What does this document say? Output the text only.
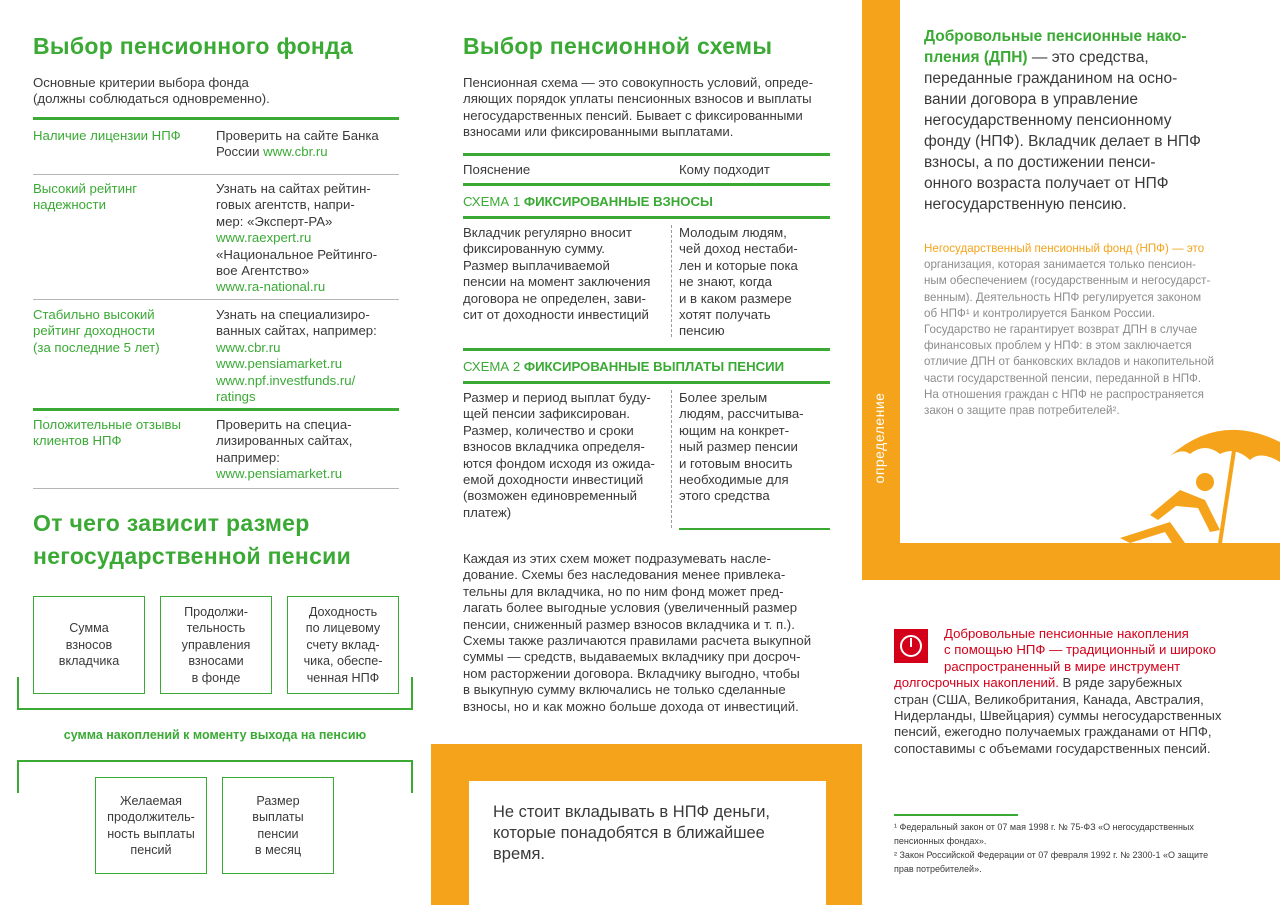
Выбор пенсионного фонда
Основные критерии выбора фонда
(должны соблюдаться одновременно).
Наличие лицензии НПФ	Проверить на сайте Банка
России www.cbr.ru
Высокий рейтинг
надежности
Узнать на сайтах рейтин-
говых агентств, напри-
мер: «Эксперт-РА»
www.raexpert.ru
«Национальное Рейтинго-
вое Агентство»
www.ra-national.ru
Стабильно высокий
рейтинг доходности
(за последние 5 лет)
Узнать на специализиро-
ванных сайтах, например:
www.cbr.ru
www.pensiamarket.ru
www.npf.investfunds.ru/
ratings
Положительные отзывы
клиентов НПФ
Проверить на специа-
лизированных сайтах,
например:
www.pensiamarket.ru
От чего зависит размер
негосударственной пенсии
Сумма
взносов
вкладчика
Продолжи-
тельность
управления
взносами
в фонде
Доходность
по лицевому
счету вклад-
чика, обеспе-
ченная НПФ
сумма накоплений к моменту выхода на пенсию
Желаемая
продолжитель-
ность выплаты
пенсий
Размер
выплаты
пенсии
в месяц
Выбор пенсионной схемы
Пенсионная схема — это совокупность условий, опреде-
ляющих порядок уплаты пенсионных взносов и выплаты
негосударственных пенсий. Бывает с фиксированными
взносами или фиксированными выплатами.
Пояснение	Кому подходит
СХЕМА 1 ФИКСИРОВАННЫЕ ВЗНОСЫ
Вкладчик регулярно вносит
фиксированную сумму.
Размер выплачиваемой
пенсии на момент заключения
договора не определен, зави-
сит от доходности инвестиций
Молодым людям,
чей доход нестаби-
лен и которые пока
не знают, когда
и в каком размере
хотят получать
пенсию
СХЕМА 2 ФИКСИРОВАННЫЕ ВЫПЛАТЫ ПЕНСИИ
Размер и период выплат буду-
щей пенсии зафиксирован.
Размер, количество и сроки
взносов вкладчика определя-
ются фондом исходя из ожида-
емой доходности инвестиций
(возможен единовременный
платеж)
Более зрелым
людям, рассчитыва-
ющим на конкрет-
ный размер пенсии
и готовым вносить
необходимые для
этого средства
Каждая из этих схем может подразумевать насле-
дование. Схемы без наследования менее привлека-
тельны для вкладчика, но по ним фонд может пред-
лагать более выгодные условия (увеличенный размер
пенсии, сниженный размер взносов вкладчика и т. п.).
Схемы также различаются правилами расчета выкупной
суммы — средств, выдаваемых вкладчику при досроч-
ном расторжении договора. Вкладчику выгодно, чтобы
в выкупную сумму включались не только сделанные
взносы, но и как можно больше дохода от инвестиций.
Не стоит вкладывать в НПФ деньги,
которые понадобятся в ближайшее
время.
определение
Добровольные пенсионные нако-
пления (ДПН) — это средства,
переданные гражданином на осно-
вании договора в управление
негосударственному пенсионному
фонду (НПФ). Вкладчик делает в НПФ
взносы, а по достижении пенси-
онного возраста получает от НПФ
негосударственную пенсию.
Негосударственный пенсионный фонд (НПФ) — это
организация, которая занимается только пенсион-
ным обеспечением (государственным и негосударст-
венным). Деятельность НПФ регулируется законом
об НПФ¹ и контролируется Банком России.
Государство не гарантирует возврат ДПН в случае
финансовых проблем у НПФ: в этом заключается
отличие ДПН от банковских вкладов и накопительной
части государственной пенсии, переданной в НПФ.
На отношения граждан с НПФ не распространяется
закон о защите прав потребителей².
Добровольные пенсионные накопления
с помощью НПФ — традиционный и широко
распространенный в мире инструмент
долгосрочных накоплений. В ряде зарубежных
стран (США, Великобритания, Канада, Австралия,
Нидерланды, Швейцария) суммы негосударственных
пенсий, ежегодно получаемых гражданами от НПФ,
сопоставимы с объемами государственных пенсий.
¹ Федеральный закон от 07 мая 1998 г. № 75-ФЗ «О негосударственных
пенсионных фондах».
² Закон Российской Федерации от 07 февраля 1992 г. № 2300-1 «О защите
прав потребителей».
